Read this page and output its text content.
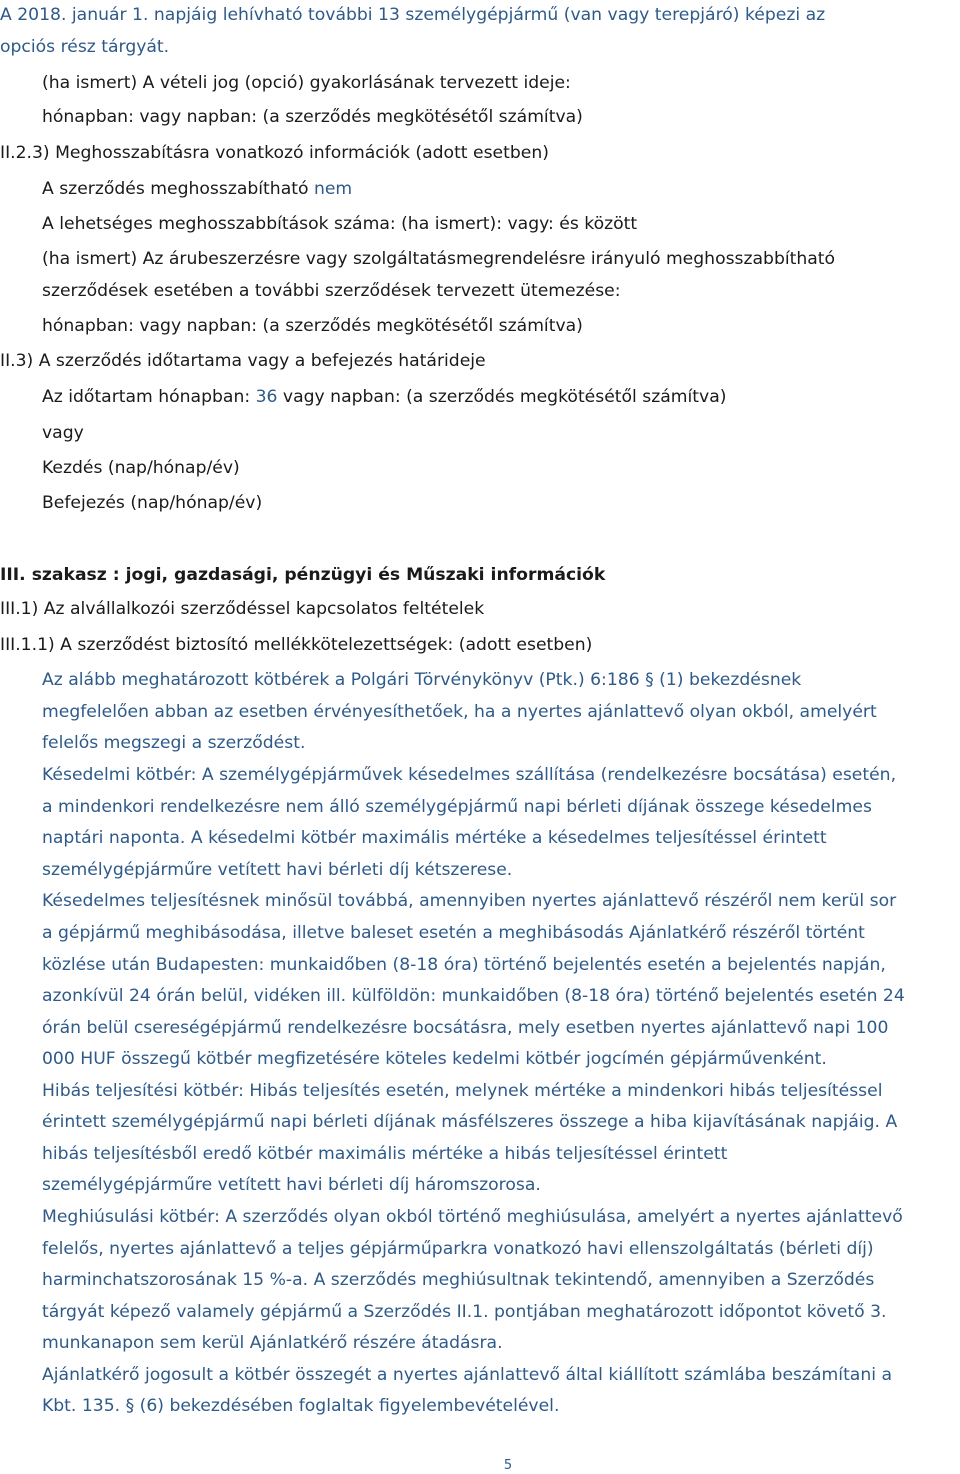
A 2018. január 1. napjáig lehívható további 13 személygépjármű (van vagy terepjáró) képezi az
opciós rész tárgyát.
(ha ismert) A vételi jog (opció) gyakorlásának tervezett ideje:
hónapban: vagy napban: (a szerződés megkötésétől számítva)
II.2.3) Meghosszabításra vonatkozó információk (adott esetben)
A szerződés meghosszabítható nem
A lehetséges meghosszabbítások száma: (ha ismert): vagy: és között
(ha ismert) Az árubeszerzésre vagy szolgáltatásmegrendelésre irányuló meghosszabbítható
szerződések esetében a további szerződések tervezett ütemezése:
hónapban: vagy napban: (a szerződés megkötésétől számítva)
II.3) A szerződés időtartama vagy a befejezés határideje
Az időtartam hónapban: 36 vagy napban: (a szerződés megkötésétől számítva)
vagy
Kezdés (nap/hónap/év)
Befejezés (nap/hónap/év)
III. szakasz : jogi, gazdasági, pénzügyi és Műszaki információk
III.1) Az alvállalkozói szerződéssel kapcsolatos feltételek
III.1.1) A szerződést biztosító mellékkötelezettségek: (adott esetben)
Az alább meghatározott kötbérek a Polgári Törvénykönyv (Ptk.) 6:186 § (1) bekezdésnek
megfelelően abban az esetben érvényesíthetőek, ha a nyertes ajánlattevő olyan okból, amelyért
felelős megszegi a szerződést.
Késedelmi kötbér: A személygépjárművek késedelmes szállítása (rendelkezésre bocsátása) esetén,
a mindenkori rendelkezésre nem álló személygépjármű napi bérleti díjának összege késedelmes
naptári naponta. A késedelmi kötbér maximális mértéke a késedelmes teljesítéssel érintett
személygépjárműre vetített havi bérleti díj kétszerese.
Késedelmes teljesítésnek minősül továbbá, amennyiben nyertes ajánlattevő részéről nem kerül sor
a gépjármű meghibásodása, illetve baleset esetén a meghibásodás Ajánlatkérő részéről történt
közlése után Budapesten: munkaidőben (8-18 óra) történő bejelentés esetén a bejelentés napján,
azonkívül 24 órán belül, vidéken ill. külföldön: munkaidőben (8-18 óra) történő bejelentés esetén 24
órán belül csereségépjármű rendelkezésre bocsátásra, mely esetben nyertes ajánlattevő napi 100
000 HUF összegű kötbér megfizetésére köteles kedelmi kötbér jogcímén gépjárművenként.
Hibás teljesítési kötbér: Hibás teljesítés esetén, melynek mértéke a mindenkori hibás teljesítéssel
érintett személygépjármű napi bérleti díjának másfélszeres összege a hiba kijavításának napjáig. A
hibás teljesítésből eredő kötbér maximális mértéke a hibás teljesítéssel érintett
személygépjárműre vetített havi bérleti díj háromszorosa.
Meghiúsulási kötbér: A szerződés olyan okból történő meghiúsulása, amelyért a nyertes ajánlattevő
felelős, nyertes ajánlattevő a teljes gépjárműparkra vonatkozó havi ellenszolgáltatás (bérleti díj)
harminchatszorosának 15 %-a. A szerződés meghiúsultnak tekintendő, amennyiben a Szerződés
tárgyát képező valamely gépjármű a Szerződés II.1. pontjában meghatározott időpontot követő 3.
munkanapon sem kerül Ajánlatkérő részére átadásra.
Ajánlatkérő jogosult a kötbér összegét a nyertes ajánlattevő által kiállított számlába beszámítani a
Kbt. 135. § (6) bekezdésében foglaltak figyelembevételével.
5
